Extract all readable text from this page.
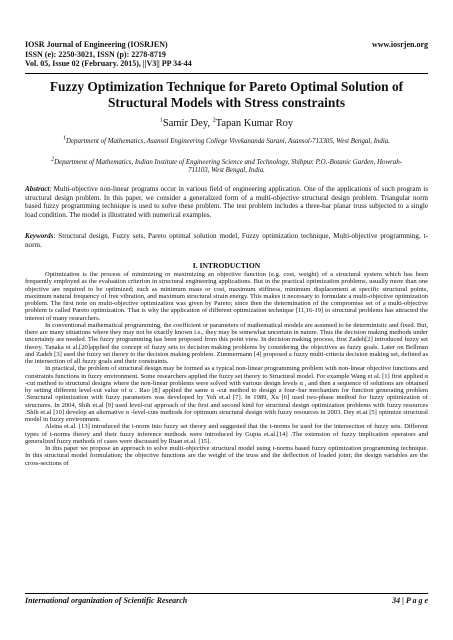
IOSR Journal of Engineering (IOSRJEN)	www.iosrjen.org
ISSN (e): 2250-3021, ISSN (p): 2278-8719
Vol. 05, Issue 02 (February. 2015), ||V3|| PP 34-44
Fuzzy Optimization Technique for Pareto Optimal Solution of Structural Models with Stress constraints
$^1$Samir Dey, $^2$Tapan Kumar Roy
$^1$Department of Mathematics, Asansol Engineering College Vivekananda Sarani, Asansol-713305, West Bengal, India.
$^2$Department of Mathematics, Indian Institute of Engineering Science and Technology, Shibpur. P.O.-Botanic Garden, Howrah-711103, West Bengal, India.
Abstract: Multi-objective non-linear programs occur in various field of engineering application. One of the applications of such program is structural design problem. In this paper, we consider a generalized form of a multi-objective structural design problem. Triangular norm based fuzzy programming technique is used to solve these problem. The test problem includes a three-bar planar truss subjected to a single load condition. The model is illustrated with numerical examples.
Keywords: Structural design, Fuzzy sets, Pareto optimal solution model, Fuzzy optimization technique, Multi-objective programming, t-norm.
I. INTRODUCTION

Optimization is the process of minimizing or maximizing an objective function (e.g. cost, weight) of a structural system which has been frequently employed as the evaluation criterion in structural engineering applications. But in the practical optimization problems, usually more than one objective are required to be optimized; such as minimum mass or cost, maximum stiffness, minimum displacement at specific structural points, maximum natural frequency of free vibration, and maximum structural strain energy. This makes it necessary to formulate a multi-objective optimization problem. The first note on multi-objective optimization was given by Pareto; since then the determination of the compromise set of a multi-objective problem is called Pareto optimization. That is why the application of different optimization technique [11,16-19] to structural problems has attracted the interest of many researchers.

In conventional mathematical programming, the coefficient or parameters of mathematical models are assumed to be deterministic and fixed. But, there are many situations where they may not be exactly known i.e., they may be somewhat uncertain in nature. Thus the decision making methods under uncertainty are needed. The fuzzy programming has been proposed from this point view. In decision making process, first Zadeh[2] introduced fuzzy set theory. Tanaka et al.[20]applied the concept of fuzzy sets to decision making problems by considering the objectives as fuzzy goals. Later on Bellman and Zadeh [3] used the fuzzy set theory to the decision making problem. Zimmermann [4] proposed a fuzzy multi-criteria decision making set, defined as the intersection of all fuzzy goals and their constraints.

In practical, the problem of structural design may be formed as a typical non-linear programming problem with non-linear objective functions and constraints functions in fuzzy environment. Some researchers applied the fuzzy set theory to Structural model. For example Wang et al. [1] first applied α -cut method to structural designs where the non-linear problems were solved with various design levels α , and then a sequence of solutions are obtained by setting different level-cut value of α . Rao [8] applied the same α -cut method to design a four–bar mechanism for function generating problem .Structural optimization with fuzzy parameters was developed by Yeh et.al [7]. In 1989, Xu [6] used two-phase method for fuzzy optimization of structures. In 2004, Shih et.al [9] used level-cut approach of the first and second kind for structural design optimization problems with fuzzy resources .Shih et.al [10] develop an alternative α -level-cuts methods for optimum structural design with fuzzy resources in 2003. Dey et.at [5] optimize structural model in fuzzy environment.

Alsina et.al. [13] introduced the t-norm into fuzzy set theory and suggested that the t-norms be used for the intersection of fuzzy sets. Different types of t-norms theory and their fuzzy inference methods were introduced by Gupta et.al.[14] .The extension of fuzzy implication operators and generalized fuzzy methods of cases were discussed by Ruan et.al. [15].

In this paper we propose an approach to solve multi-objective structural model using t-norms based fuzzy optimization programming technique. In this structural model formulation; the objective functions are the weight of the truss and the deflection of loaded joint; the design variables are the cross-sections of

International organization of Scientific Research	34 | P a g e
